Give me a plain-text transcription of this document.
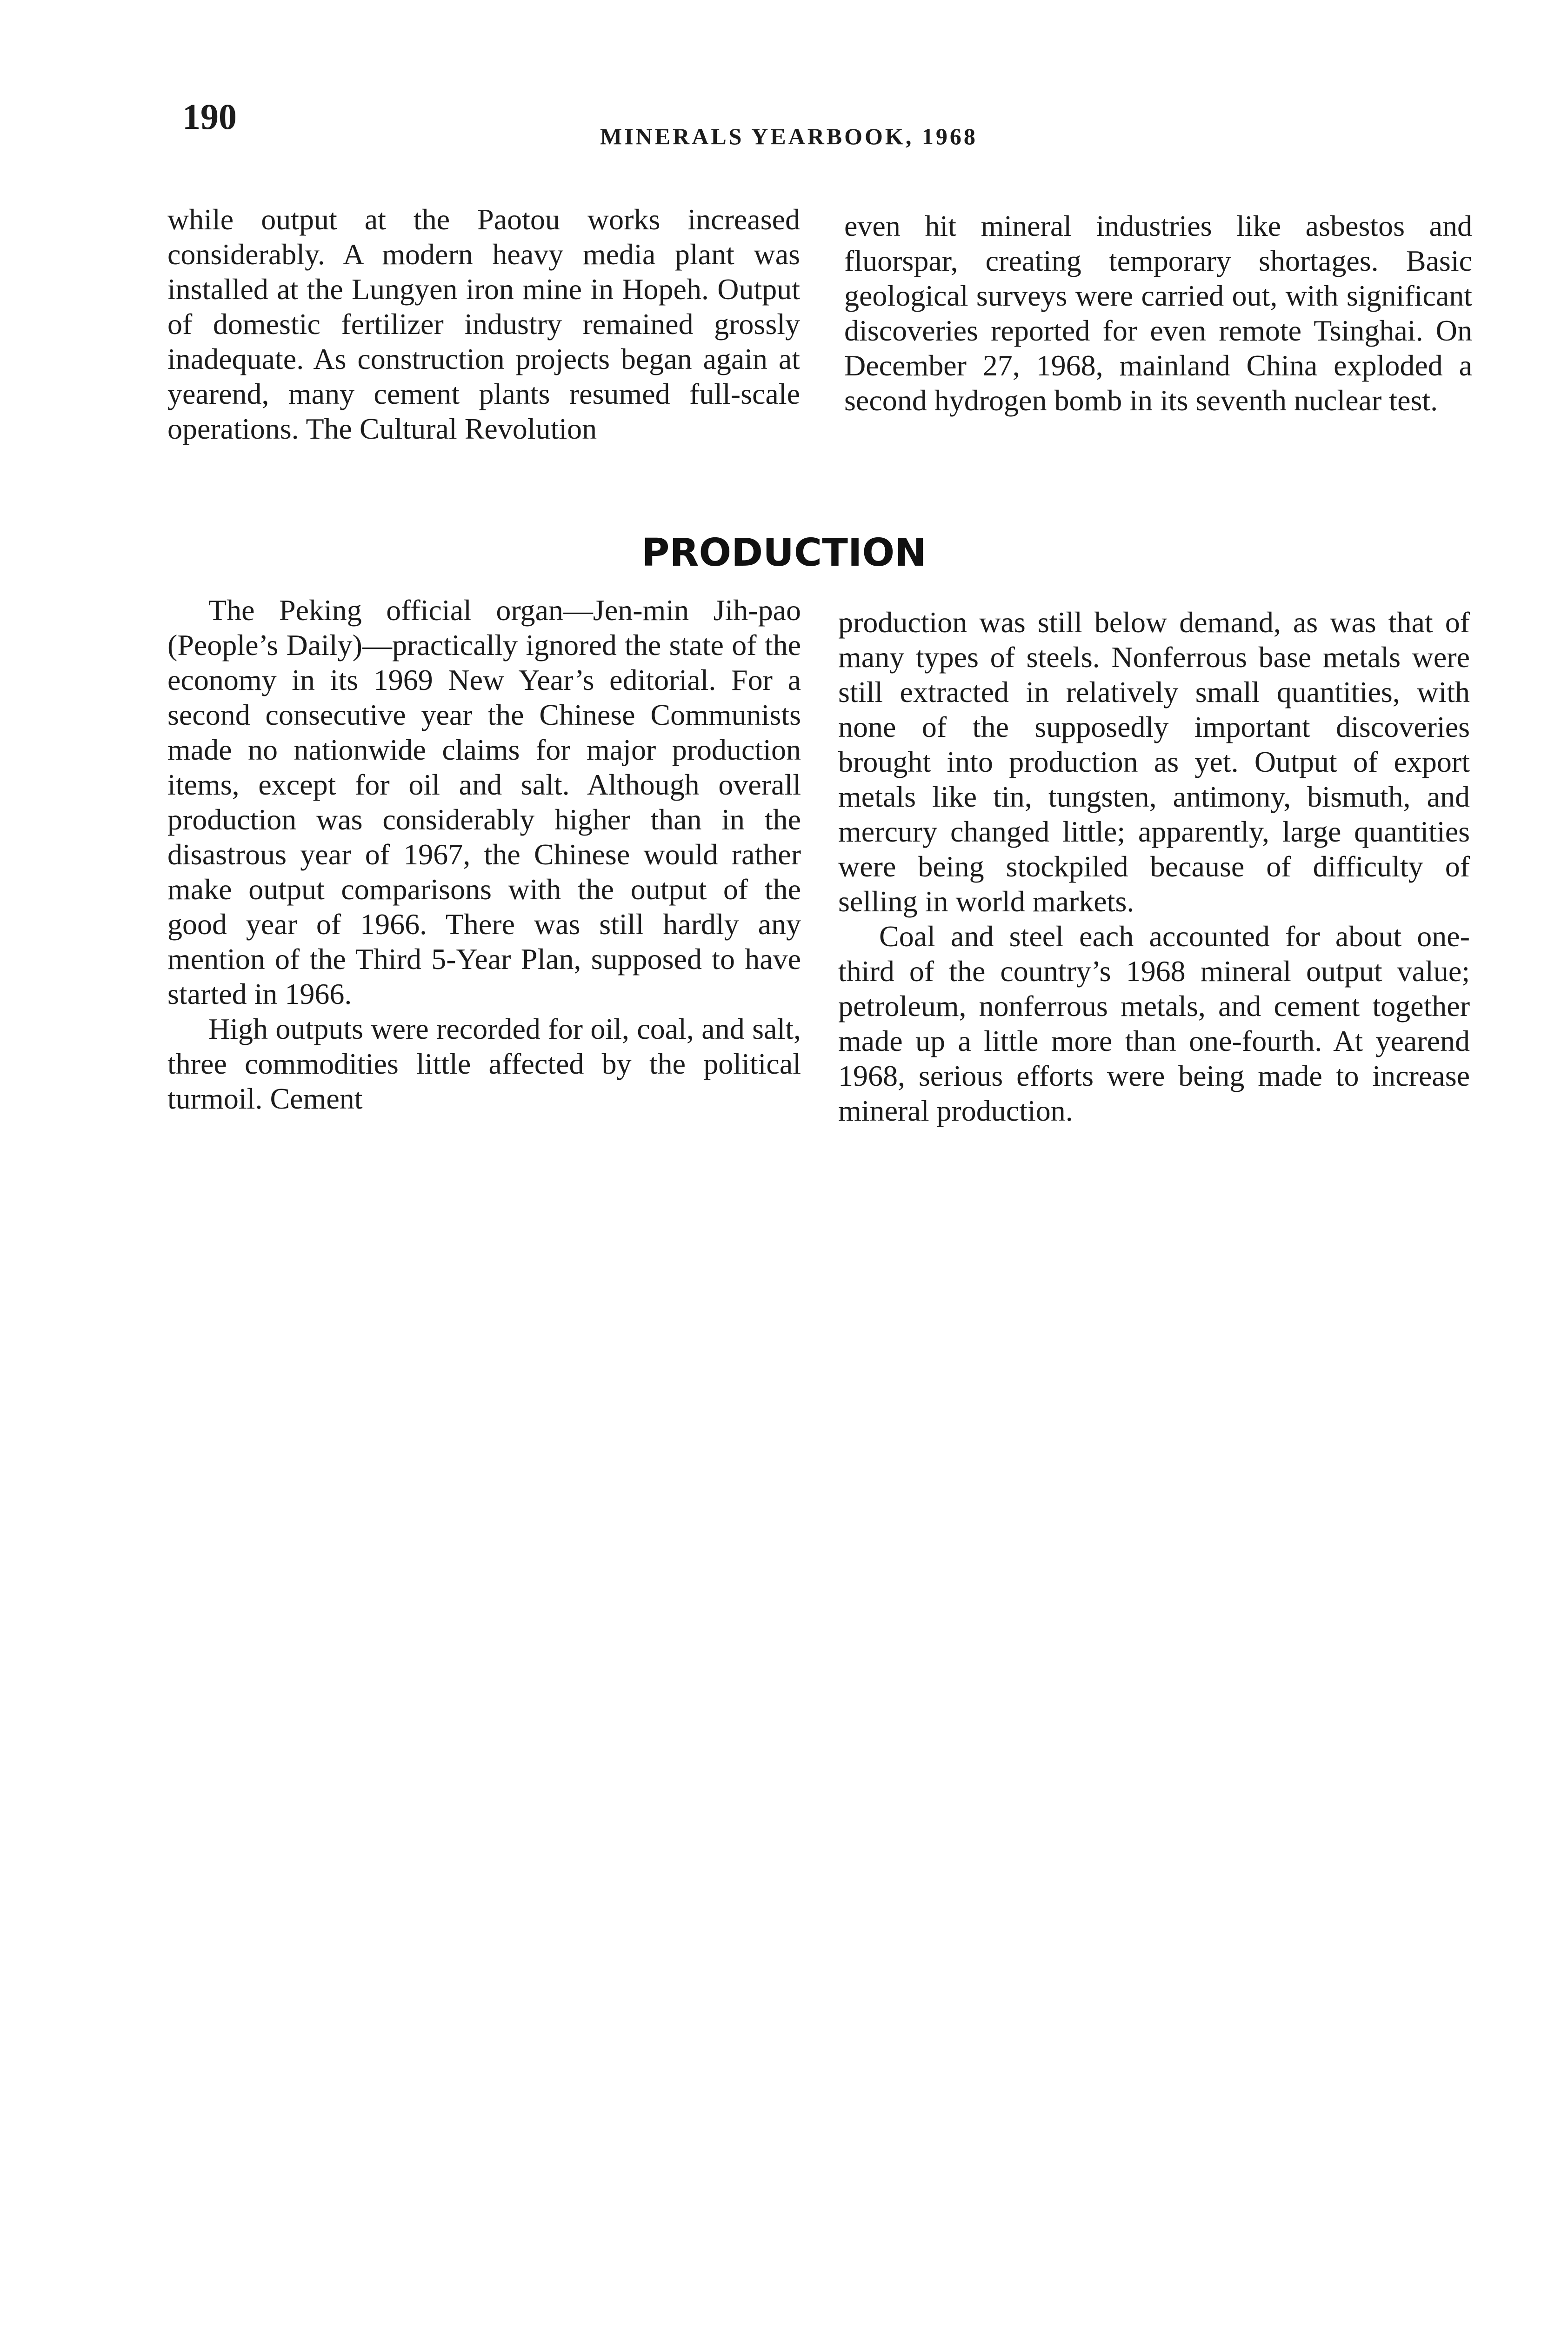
190	MINERALS YEARBOOK, 1968

while output at the Paotou works increased considerably. A modern heavy media plant was installed at the Lungyen iron mine in Hopeh. Output of domestic fertilizer industry remained grossly inadequate. As construction projects began again at yearend, many cement plants resumed full-scale operations. The Cultural Revolution

even hit mineral industries like asbestos and fluorspar, creating temporary shortages. Basic geological surveys were carried out, with significant discoveries reported for even remote Tsinghai. On December 27, 1968, mainland China exploded a second hydrogen bomb in its seventh nuclear test.

PRODUCTION

The Peking official organ—Jen-min Jih-pao (People’s Daily)—practically ignored the state of the economy in its 1969 New Year’s editorial. For a second consecutive year the Chinese Communists made no nationwide claims for major production items, except for oil and salt. Although overall production was considerably higher than in the disastrous year of 1967, the Chinese would rather make output comparisons with the output of the good year of 1966. There was still hardly any mention of the Third 5-Year Plan, supposed to have started in 1966.

High outputs were recorded for oil, coal, and salt, three commodities little affected by the political turmoil. Cement

production was still below demand, as was that of many types of steels. Nonferrous base metals were still extracted in relatively small quantities, with none of the supposedly important discoveries brought into production as yet. Output of export metals like tin, tungsten, antimony, bismuth, and mercury changed little; apparently, large quantities were being stockpiled because of difficulty of selling in world markets.

Coal and steel each accounted for about one-third of the country’s 1968 mineral output value; petroleum, nonferrous metals, and cement together made up a little more than one-fourth. At yearend 1968, serious efforts were being made to increase mineral production.
